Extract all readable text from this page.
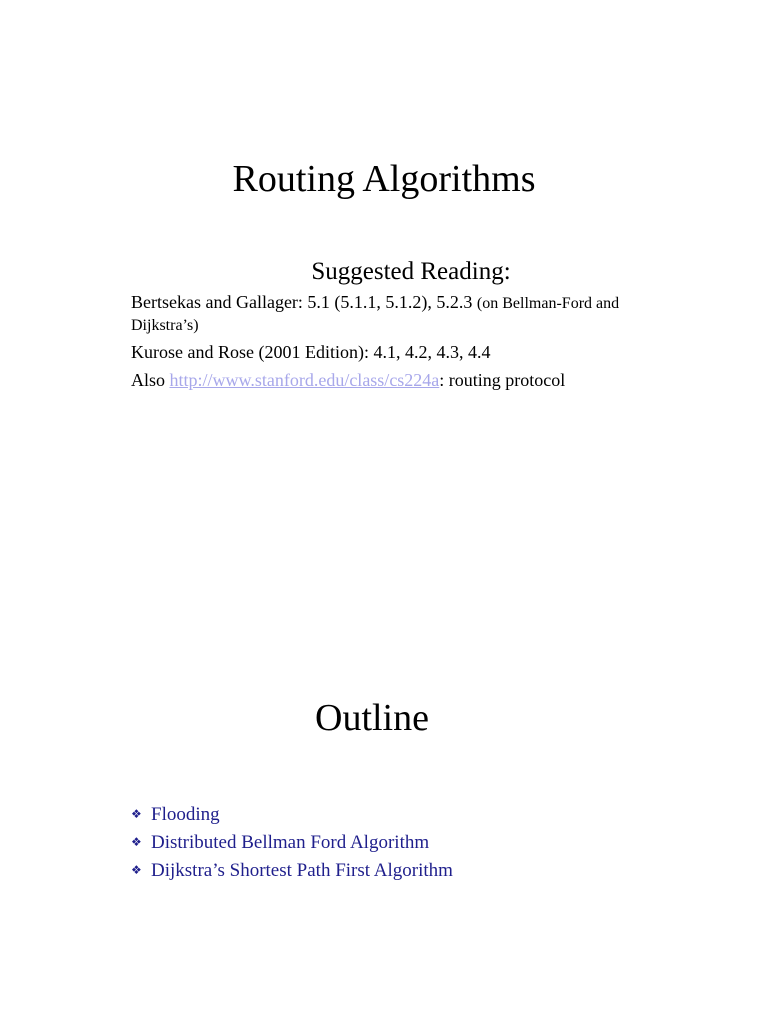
Routing Algorithms
Suggested Reading:
Bertsekas and Gallager: 5.1 (5.1.1, 5.1.2), 5.2.3 (on Bellman-Ford and
Dijkstra’s)
Kurose and Rose (2001 Edition): 4.1, 4.2, 4.3, 4.4
Also http://www.stanford.edu/class/cs224a: routing protocol
Outline
❖ Flooding
❖ Distributed Bellman Ford Algorithm
❖ Dijkstra’s Shortest Path First Algorithm
